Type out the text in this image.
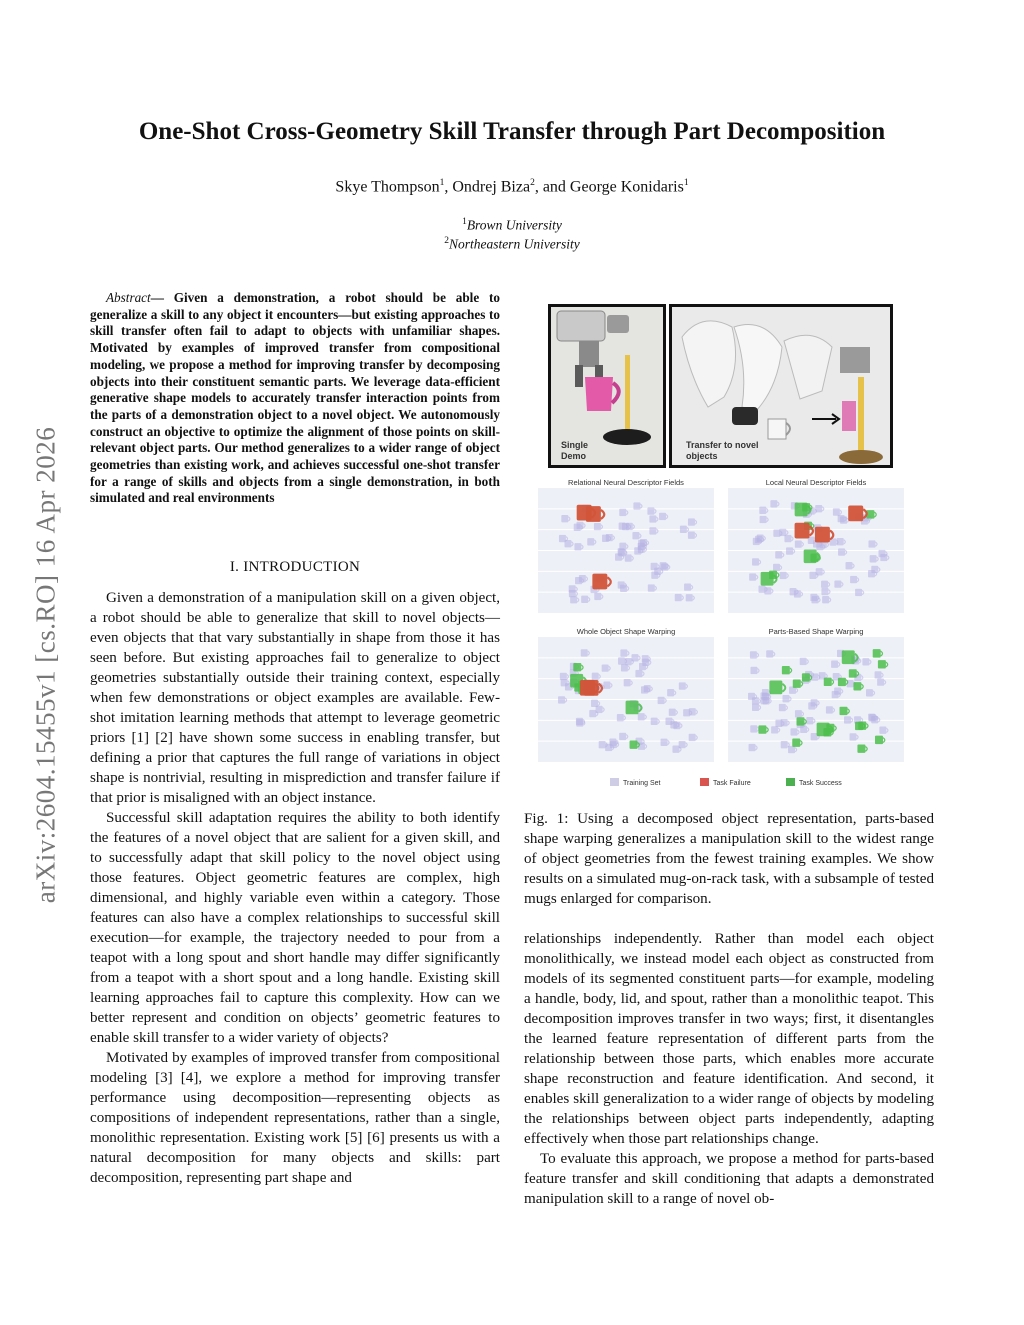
arXiv:2604.15455v1 [cs.RO] 16 Apr 2026
One-Shot Cross-Geometry Skill Transfer through Part Decomposition
Skye Thompson$^1$, Ondrej Biza$^2$, and George Konidaris$^1$
$^1$Brown University
$^2$Northeastern University
Abstract— Given a demonstration, a robot should be able to generalize a skill to any object it encounters—but existing approaches to skill transfer often fail to adapt to objects with unfamiliar shapes. Motivated by examples of improved transfer from compositional modeling, we propose a method for improving transfer by decomposing objects into their constituent semantic parts. We leverage data-efficient generative shape models to accurately transfer interaction points from the parts of a demonstration object to a novel object. We autonomously construct an objective to optimize the alignment of those points on skill-relevant object parts. Our method generalizes to a wider range of object geometries than existing work, and achieves successful one-shot transfer for a range of skills and objects from a single demonstration, in both simulated and real environments
I. INTRODUCTION

Given a demonstration of a manipulation skill on a given object, a robot should be able to generalize that skill to novel objects—even objects that that vary substantially in shape from those it has seen before. But existing approaches fail to generalize to object geometries substantially outside their training context, especially when few demonstrations or object examples are available. Few-shot imitation learning methods that attempt to leverage geometric priors [1] [2] have shown some success in enabling transfer, but defining a prior that captures the full range of variations in object shape is nontrivial, resulting in misprediction and transfer failure if that prior is misaligned with an object instance.

Successful skill adaptation requires the ability to both identify the features of a novel object that are salient for a given skill, and to successfully adapt that skill policy to the novel object using those features. Object geometric features are complex, high dimensional, and highly variable even within a category. Those features can also have a complex relationships to successful skill execution—for example, the trajectory needed to pour from a teapot with a long spout and short handle may differ significantly from a teapot with a short spout and a long handle. Existing skill learning approaches fail to capture this complexity. How can we better represent and condition on objects’ geometric features to enable skill transfer to a wider variety of objects?

Motivated by examples of improved transfer from compositional modeling [3] [4], we explore a method for improving transfer performance using decomposition—representing objects as compositions of independent representations, rather than a single, monolithic representation. Existing work [5] [6] presents us with a natural decomposition for many objects and skills: part decomposition, representing part shape and

Single Demo
Transfer to novel objects
Relational Neural Descriptor Fields	Local Neural Descriptor Fields
Whole Object Shape Warping	Parts-Based Shape Warping
Training Set	Task Failure	Task Success
Fig. 1: Using a decomposed object representation, parts-based shape warping generalizes a manipulation skill to the widest range of object geometries from the fewest training examples. We show results on a simulated mug-on-rack task, with a subsample of tested mugs enlarged for comparison.

relationships independently. Rather than model each object monolithically, we instead model each object as constructed from models of its segmented constituent parts—for example, modeling a handle, body, lid, and spout, rather than a monolithic teapot. This decomposition improves transfer in two ways; first, it disentangles the learned feature representation of different parts from the relationship between those parts, which enables more accurate shape reconstruction and feature identification. And second, it enables skill generalization to a wider range of objects by modeling the relationships between object parts independently, adapting effectively when those part relationships change.

To evaluate this approach, we propose a method for parts-based feature transfer and skill conditioning that adapts a demonstrated manipulation skill to a range of novel ob-
